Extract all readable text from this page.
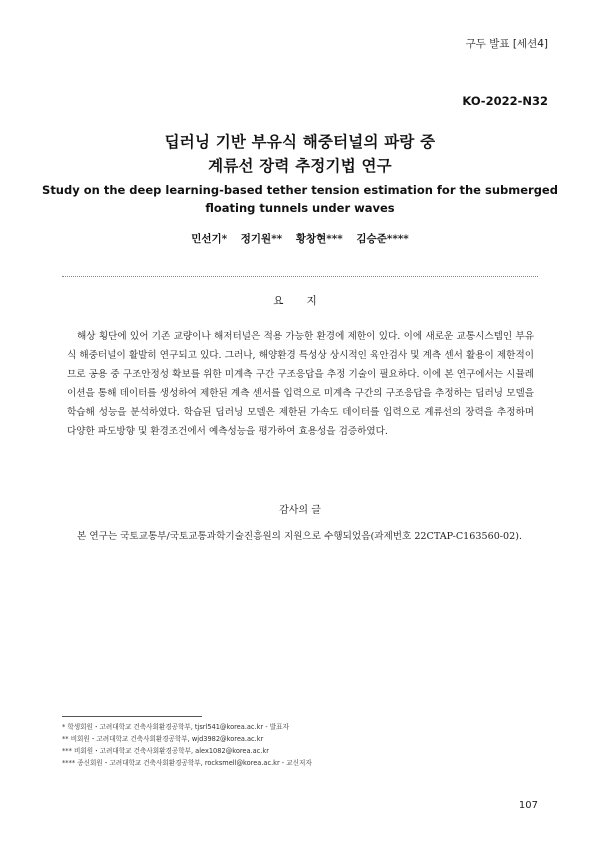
구두 발표 [세션4]
KO-2022-N32
딥러닝 기반 부유식 해중터널의 파랑 중
계류선 장력 추정기법 연구
Study on the deep learning-based tether tension estimation for the submerged
floating tunnels under waves
민선기* 정기원** 황창현*** 김승준****
요 지

해상 횡단에 있어 기존 교량이나 해저터널은 적용 가능한 환경에 제한이 있다. 이에 새로운 교통시스템인 부유식 해중터널이 활발히 연구되고 있다. 그러나, 해양환경 특성상 상시적인 육안검사 및 계측 센서 활용이 제한적이므로 공용 중 구조안정성 확보를 위한 미계측 구간 구조응답을 추정 기술이 필요하다. 이에 본 연구에서는 시뮬레이션을 통해 데이터를 생성하여 제한된 계측 센서를 입력으로 미계측 구간의 구조응답을 추정하는 딥러닝 모델을 학습해 성능을 분석하였다. 학습된 딥러닝 모델은 제한된 가속도 데이터를 입력으로 계류선의 장력을 추정하며 다양한 파도방향 및 환경조건에서 예측성능을 평가하여 효용성을 검증하였다.

감사의 글

본 연구는 국토교통부/국토교통과학기술진흥원의 지원으로 수행되었음(과제번호 22CTAP-C163560-02).

* 학생회원・고려대학교 건축사회환경공학부, tjsrl541@korea.ac.kr - 발표자
** 비회원・고려대학교 건축사회환경공학부, wjd3982@korea.ac.kr
*** 비회원・고려대학교 건축사회환경공학부, alex1082@korea.ac.kr
**** 종신회원・고려대학교 건축사회환경공학부, rocksmell@korea.ac.kr - 교신저자
107
